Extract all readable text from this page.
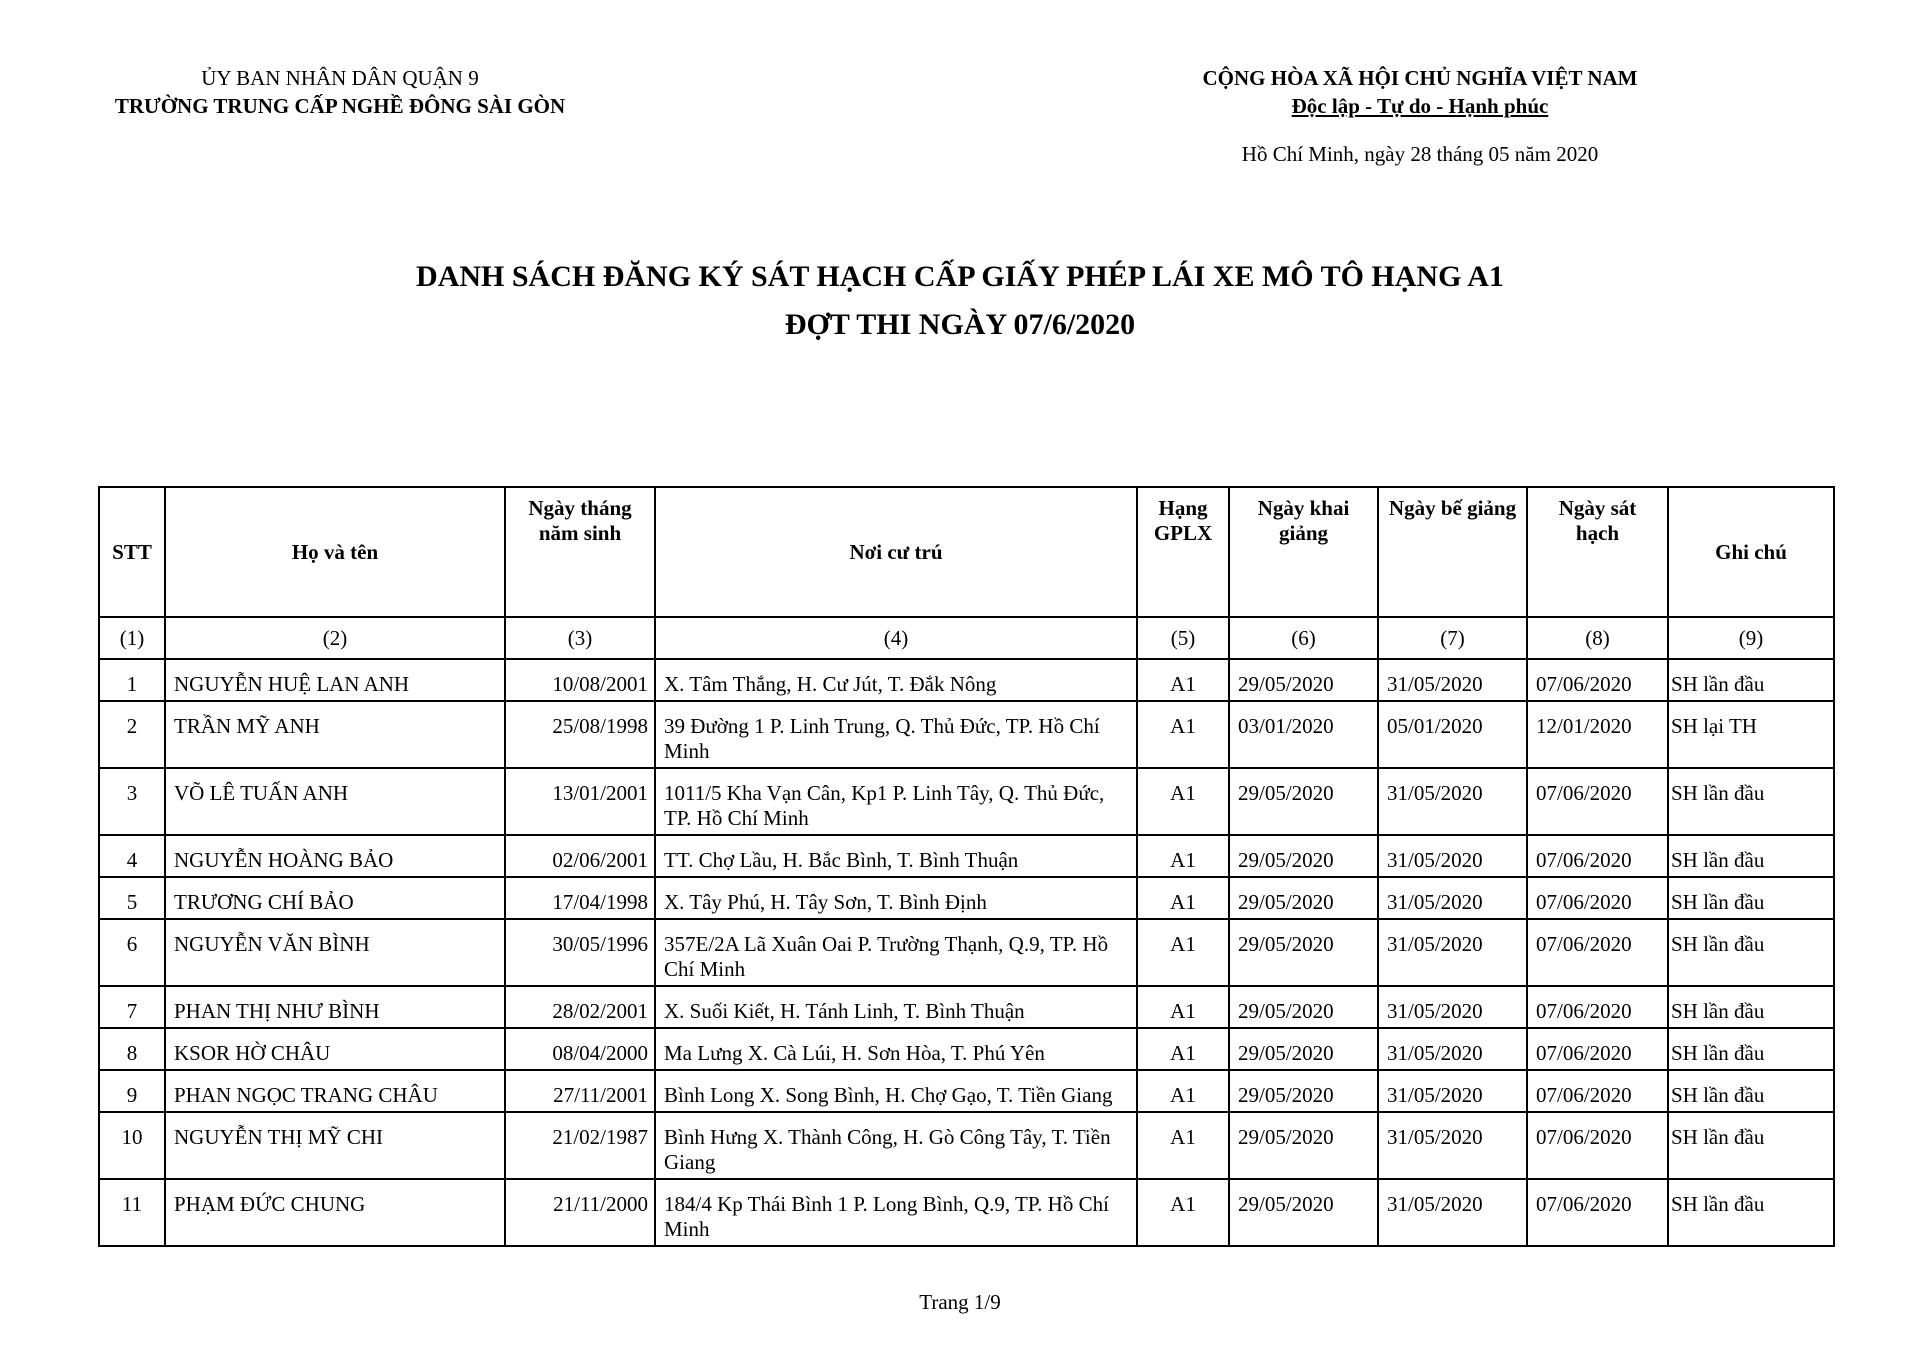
ỦY BAN NHÂN DÂN QUẬN 9
TRƯỜNG TRUNG CẤP NGHỀ ĐÔNG SÀI GÒN
CỘNG HÒA XÃ HỘI CHỦ NGHĨA VIỆT NAM
Độc lập - Tự do - Hạnh phúc
Hồ Chí Minh, ngày 28 tháng 05 năm 2020
DANH SÁCH ĐĂNG KÝ SÁT HẠCH CẤP GIẤY PHÉP LÁI XE MÔ TÔ HẠNG A1
ĐỢT THI NGÀY 07/6/2020
STT	Họ và tên	Ngày tháng năm sinh	Nơi cư trú	Hạng GPLX	Ngày khai giảng	Ngày bế giảng	Ngày sát hạch	Ghi chú
(1)	(2)	(3)	(4)	(5)	(6)	(7)	(8)	(9)
1	NGUYỄN HUỆ LAN ANH	10/08/2001	X. Tâm Thắng, H. Cư Jút, T. Đắk Nông	A1	29/05/2020	31/05/2020	07/06/2020	SH lần đầu
2	TRẦN MỸ ANH	25/08/1998	39 Đường 1 P. Linh Trung, Q. Thủ Đức, TP. Hồ Chí Minh	A1	03/01/2020	05/01/2020	12/01/2020	SH lại TH
3	VÕ LÊ TUẤN ANH	13/01/2001	1011/5 Kha Vạn Cân, Kp1 P. Linh Tây, Q. Thủ Đức, TP. Hồ Chí Minh	A1	29/05/2020	31/05/2020	07/06/2020	SH lần đầu
4	NGUYỄN HOÀNG BẢO	02/06/2001	TT. Chợ Lầu, H. Bắc Bình, T. Bình Thuận	A1	29/05/2020	31/05/2020	07/06/2020	SH lần đầu
5	TRƯƠNG CHÍ BẢO	17/04/1998	X. Tây Phú, H. Tây Sơn, T. Bình Định	A1	29/05/2020	31/05/2020	07/06/2020	SH lần đầu
6	NGUYỄN VĂN BÌNH	30/05/1996	357E/2A Lã Xuân Oai P. Trường Thạnh, Q.9, TP. Hồ Chí Minh	A1	29/05/2020	31/05/2020	07/06/2020	SH lần đầu
7	PHAN THỊ NHƯ BÌNH	28/02/2001	X. Suối Kiết, H. Tánh Linh, T. Bình Thuận	A1	29/05/2020	31/05/2020	07/06/2020	SH lần đầu
8	KSOR HỜ CHÂU	08/04/2000	Ma Lưng X. Cà Lúi, H. Sơn Hòa, T. Phú Yên	A1	29/05/2020	31/05/2020	07/06/2020	SH lần đầu
9	PHAN NGỌC TRANG CHÂU	27/11/2001	Bình Long X. Song Bình, H. Chợ Gạo, T. Tiền Giang	A1	29/05/2020	31/05/2020	07/06/2020	SH lần đầu
10	NGUYỄN THỊ MỸ CHI	21/02/1987	Bình Hưng X. Thành Công, H. Gò Công Tây, T. Tiền Giang	A1	29/05/2020	31/05/2020	07/06/2020	SH lần đầu
11	PHẠM ĐỨC CHUNG	21/11/2000	184/4 Kp Thái Bình 1 P. Long Bình, Q.9, TP. Hồ Chí Minh	A1	29/05/2020	31/05/2020	07/06/2020	SH lần đầu
Trang 1/9
